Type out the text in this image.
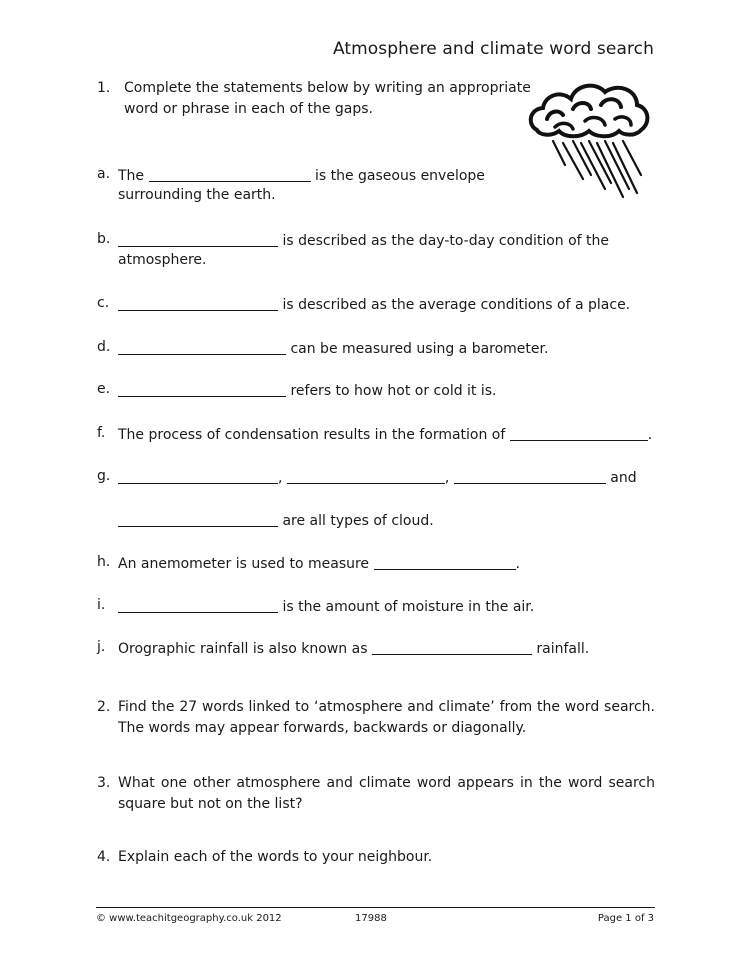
Atmosphere and climate word search
1. Complete the statements below by writing an appropriate
word or phrase in each of the gaps.
a. The	is the gaseous envelope
surrounding the earth.
b.	is described as the day-to-day condition of the
atmosphere.
c.	is described as the average conditions of a place.
d.	can be measured using a barometer.
e.	refers to how hot or cold it is.
f. The process of condensation results in the formation of	.
g.	,	,	and
are all types of cloud.
h. An anemometer is used to measure	.
i.	is the amount of moisture in the air.
j. Orographic rainfall is also known as	rainfall.
2. Find the 27 words linked to ‘atmosphere and climate’ from the word search. The words may appear forwards, backwards or diagonally.
3. What one other atmosphere and climate word appears in the word search square but not on the list?
4. Explain each of the words to your neighbour.
© www.teachitgeography.co.uk 2012	17988	Page 1 of 3
